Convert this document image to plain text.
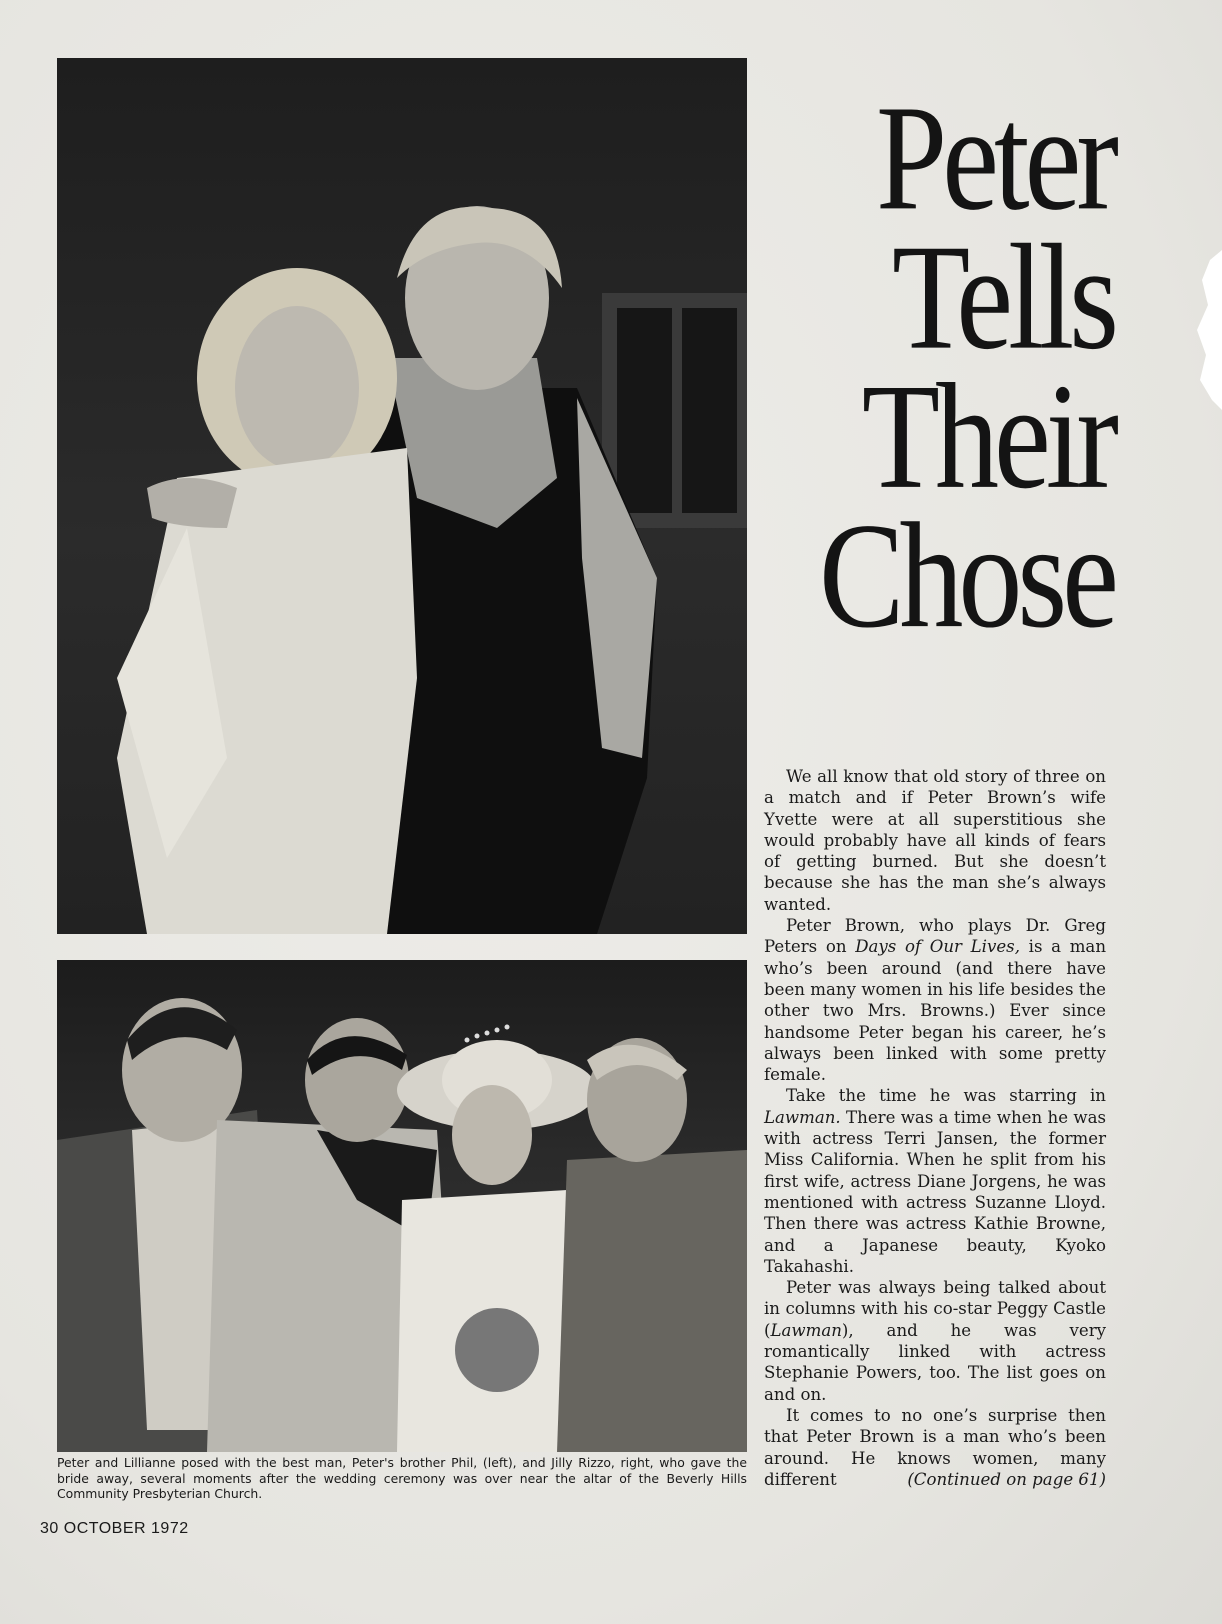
Peter
Tells
Their
Chose

We all know that old story of three on a match and if Peter Brown’s wife Yvette were at all superstitious she would probably have all kinds of fears of getting burned. But she doesn’t because she has the man she’s always wanted.

Peter Brown, who plays Dr. Greg Peters on Days of Our Lives, is a man who’s been around (and there have been many women in his life besides the other two Mrs. Browns.) Ever since handsome Peter began his career, he’s always been linked with some pretty female.

Take the time he was starring in Lawman. There was a time when he was with actress Terri Jansen, the former Miss California. When he split from his first wife, actress Diane Jorgens, he was mentioned with actress Suzanne Lloyd. Then there was actress Kathie Browne, and a Japanese beauty, Kyoko Takahashi.

Peter was always being talked about in columns with his co-star Peggy Castle (Lawman), and he was very romantically linked with actress Stephanie Powers, too. The list goes on and on.

It comes to no one’s surprise then that Peter Brown is a man who’s been around. He knows women, many different	(Continued on page 61)

Peter and Lillianne posed with the best man, Peter's brother Phil, (left), and Jilly Rizzo, right, who gave the bride away, several moments after the wedding ceremony was over near the altar of the Beverly Hills Community Presbyterian Church.
30 OCTOBER 1972
